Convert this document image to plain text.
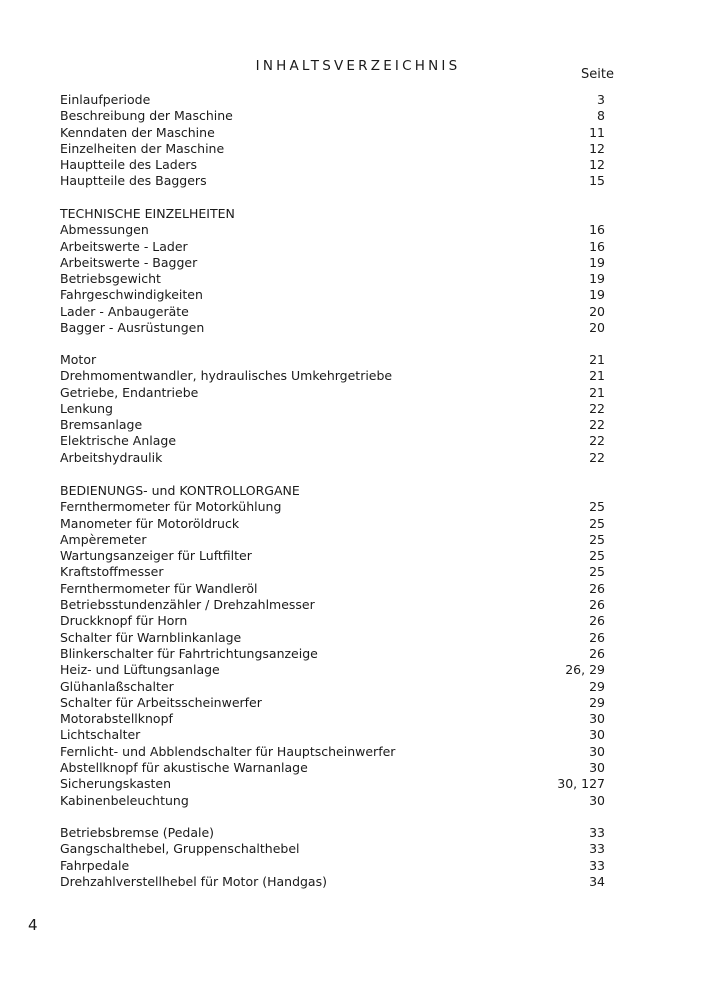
INHALTSVERZEICHNIS
Seite
Einlaufperiode	3
Beschreibung der Maschine	8
Kenndaten der Maschine	11
Einzelheiten der Maschine	12
Hauptteile des Laders	12
Hauptteile des Baggers	15
TECHNISCHE EINZELHEITEN
Abmessungen	16
Arbeitswerte - Lader	16
Arbeitswerte - Bagger	19
Betriebsgewicht	19
Fahrgeschwindigkeiten	19
Lader - Anbaugeräte	20
Bagger - Ausrüstungen	20
Motor	21
Drehmomentwandler, hydraulisches Umkehrgetriebe	21
Getriebe, Endantriebe	21
Lenkung	22
Bremsanlage	22
Elektrische Anlage	22
Arbeitshydraulik	22
BEDIENUNGS- und KONTROLLORGANE
Fernthermometer für Motorkühlung	25
Manometer für Motoröldruck	25
Ampèremeter	25
Wartungsanzeiger für Luftfilter	25
Kraftstoffmesser	25
Fernthermometer für Wandleröl	26
Betriebsstundenzähler / Drehzahlmesser	26
Druckknopf für Horn	26
Schalter für Warnblinkanlage	26
Blinkerschalter für Fahrtrichtungsanzeige	26
Heiz- und Lüftungsanlage	26, 29
Glühanlaßschalter	29
Schalter für Arbeitsscheinwerfer	29
Motorabstellknopf	30
Lichtschalter	30
Fernlicht- und Abblendschalter für Hauptscheinwerfer	30
Abstellknopf für akustische Warnanlage	30
Sicherungskasten	30, 127
Kabinenbeleuchtung	30
Betriebsbremse (Pedale)	33
Gangschalthebel, Gruppenschalthebel	33
Fahrpedale	33
Drehzahlverstellhebel für Motor (Handgas)	34
4
